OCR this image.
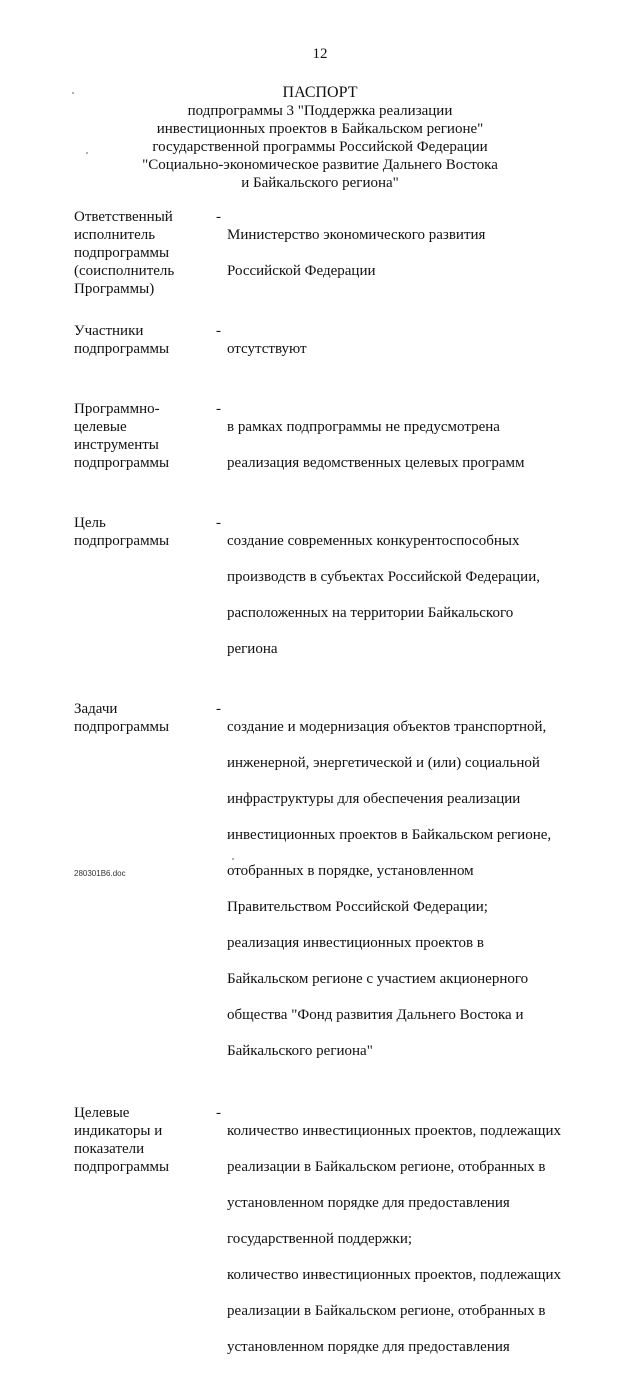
12
ПАСПОРТ
подпрограммы 3 "Поддержка реализации
инвестиционных проектов в Байкальском регионе"
государственной программы Российской Федерации
"Социально-экономическое развитие Дальнего Востока
и Байкальского региона"
Ответственный
исполнитель
подпрограммы
(соисполнитель
Программы)
-

Министерство экономического развития

Российской Федерации

Участники
подпрограммы
-

отсутствуют

Программно-
целевые
инструменты
подпрограммы
-

в рамках подпрограммы не предусмотрена

реализация ведомственных целевых программ

Цель
подпрограммы
-

создание современных конкурентоспособных

производств в субъектах Российской Федерации,

расположенных на территории Байкальского

региона

Задачи
подпрограммы
-

создание и модернизация объектов транспортной,

инженерной, энергетической и (или) социальной

инфраструктуры для обеспечения реализации

инвестиционных проектов в Байкальском регионе,

отобранных в порядке, установленном

Правительством Российской Федерации;

реализация инвестиционных проектов в

Байкальском регионе с участием акционерного

общества "Фонд развития Дальнего Востока и

Байкальского региона"

Целевые
индикаторы и
показатели
подпрограммы
-

количество инвестиционных проектов, подлежащих

реализации в Байкальском регионе, отобранных в

установленном порядке для предоставления

государственной поддержки;

количество инвестиционных проектов, подлежащих

реализации в Байкальском регионе, отобранных в

установленном порядке для предоставления

280301B6.doc
